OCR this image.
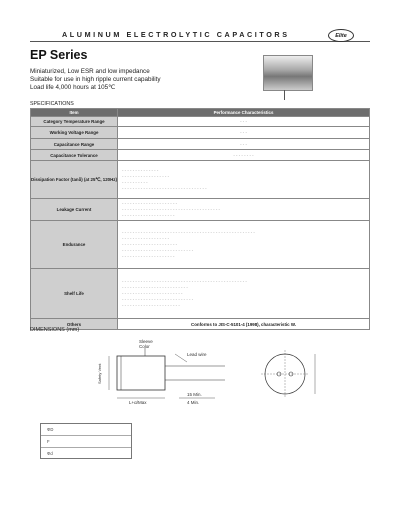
ALUMINUM ELECTROLYTIC CAPACITORS	Elite
EP Series
Miniaturized, Low ESR and low impedance
Suitable for use in high ripple current capability
Load life 4,000 hours at 105℃
SPECIFICATIONS
Item	Performance Characteristics
Category Temperature Range	- - -
Working Voltage Range	- - -
Capacitance Range	- - -
Capacitance Tolerance	- - - - - - - -
Dissipation Factor (tanδ) (at 25℃, 120Hz)	- - - - - - - - - - - - - -
- - - - - - - - - - - - - - - - - -
- - - - - - - - - -
- - - - - - - - - - - - - - - - - - - - - - - - - - - - - - - -

Leakage Current	- - - - - - - - - - - - - - - - - - - - -
- - - - - - - - - - - - - - - - - - - - - - - - - - - - - - - - - - - - -
- - - - - - - - - - - - - - - - - - - -

Endurance	- - - - - - - - - - - - - - - - - - - - - - - - - - - - - - - - - - - - - - - - - - - - - - - - - -
- - - - - - - - - - - - - - - - - -
- - - - - - - - - - - - - - - - - - - - -
- - - - - - - - - - - - - - - - - - - - - - - - - - -
- - - - - - - - - - - - - - - - - - - -

Shelf Life	- - - - - - - - - - - - - - - - - - - - - - - - - - - - - - - - - - - - - - - - - - - - - - -
- - - - - - - - - - - - - - - - - - - - - - - - -
- - - - - - - - - - - - - - - - - - - - - - -
- - - - - - - - - - - - - - - - - - - - - - - - - - -
- - - - - - - - - - - - - - - - - - - - - -

Others	Conforms to JIS-C-5101-4 (1998), characteristic W.
DIMENSIONS (mm)
Sleeve
Color
Lead wire
Safety Vent
L+α/Max
15 Min.
4 Min.
ΦD
F
Φd
